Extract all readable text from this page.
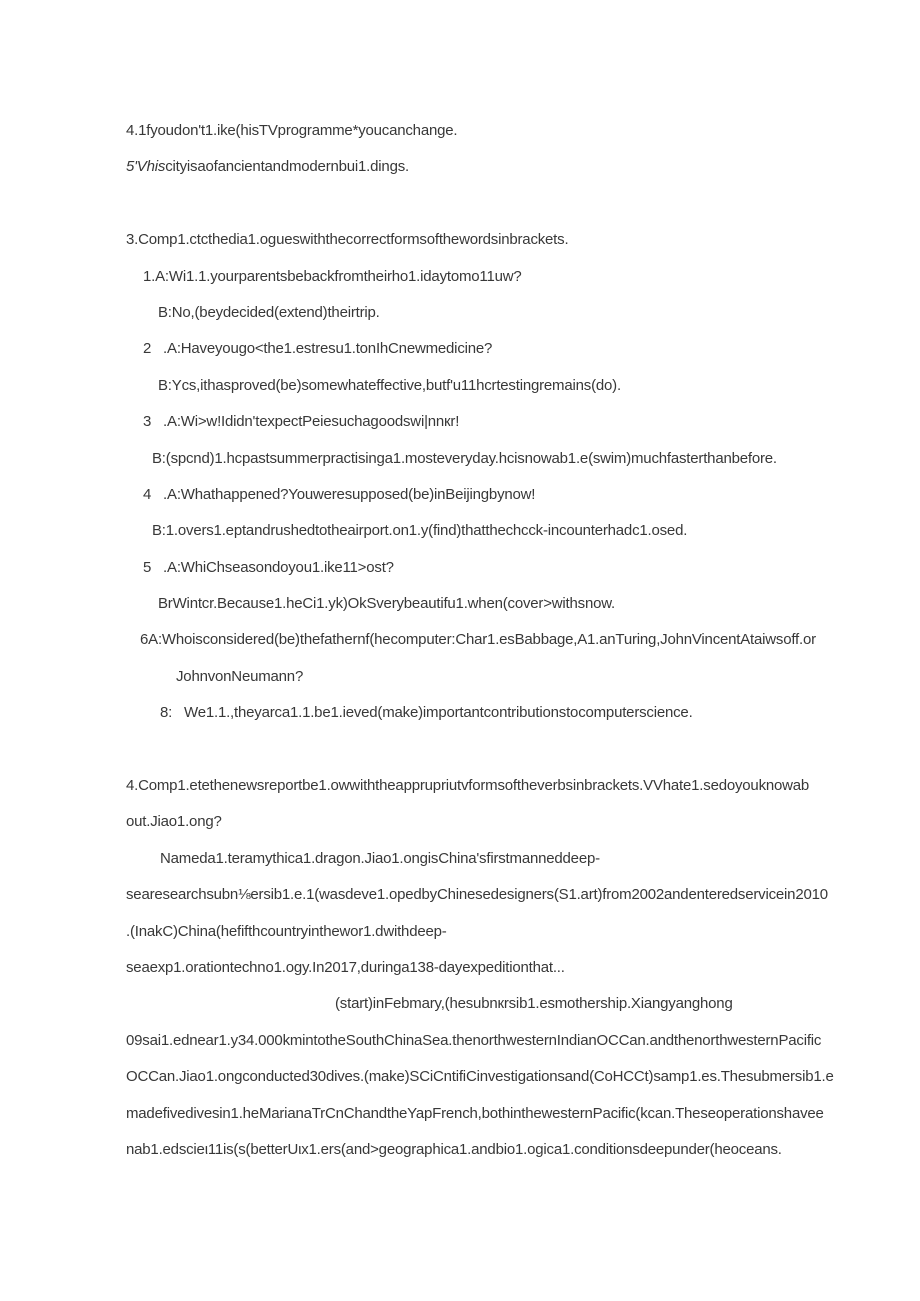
4.1fyoudon't1.ike(hisTVprogramme*youcanchange.
5'Vhiscityisaofancientandmodernbui1.dings.
3.Comp1.ctcthedia1.ogueswiththecorrectformsofthewordsinbrackets.
1.A:Wi1.1.yourparentsbebackfromtheirho1.idaytomo11uw?
B:No,(beydecided(extend)theirtrip.
2   .A:Haveyougo<the1.estresu1.tonIhCnewmedicine?
B:Ycs,ithasproved(be)somewhateffective,butf'u11hcrtestingremains(do).
3   .A:Wi>w!Ididn'texpectPeiesuchagoodswi|nnкr!
B:(spcnd)1.hcpastsummerpractisinga1.mosteveryday.hcisnowab1.e(swim)muchfasterthanbefore.
4   .A:Whathappened?Youweresupposed(be)inBeijingbynow!
B:1.overs1.eptandrushedtotheairport.on1.y(find)thatthechcck-incounterhadc1.osed.
5   .A:WhiChseasondoyou1.ike11>ost?
BrWintcr.Because1.heCi1.yk)OkSverybeautifu1.when(cover>withsnow.
6A:Whoisconsidered(be)thefathernf(hecomputer:Char1.esBabbage,A1.anTuring,JohnVincentAtaiwsoff.or
JohnvonNeumann?
8:   We1.1.,theyarca1.1.be1.ieved(make)importantcontributionstocomputerscience.
4.Comp1.etethenewsreportbe1.owwiththeapprupriutvformsoftheverbsinbrackets.VVhate1.sedoyouknowab
out.Jiao1.ong?
Nameda1.teramythica1.dragon.Jiao1.ongisChina'sfirstmanneddeep-
searesearchsubn⅛ersib1.e.1(wasdeve1.opedbyChinesedesigners(S1.art)from2002andenteredservicein2010
.(InakC)China(hefifthcountryinthewor1.dwithdeep-
seaexp1.orationtechno1.ogy.In2017,duringa138-dayexpeditionthat...
(start)inFebmary,(hesubnкrsib1.esmothership.Xiangyanghong
09sai1.ednear1.y34.000kmintotheSouthChinaSea.thenorthwesternIndianOCCan.andthenorthwesternPacific
OCCan.Jiao1.ongconducted30dives.(make)SCiCntifiCinvestigationsand(CoHCCt)samp1.es.Thesubmersib1.e
madefivedivesin1.heMarianaTrCnChandtheYapFrench,bothinthewesternPacific(kcan.Theseoperationshavee
nab1.edscieι11is(s(betterUιx1.ers(and>geographica1.andbio1.ogica1.conditionsdeepunder(heoceans.
